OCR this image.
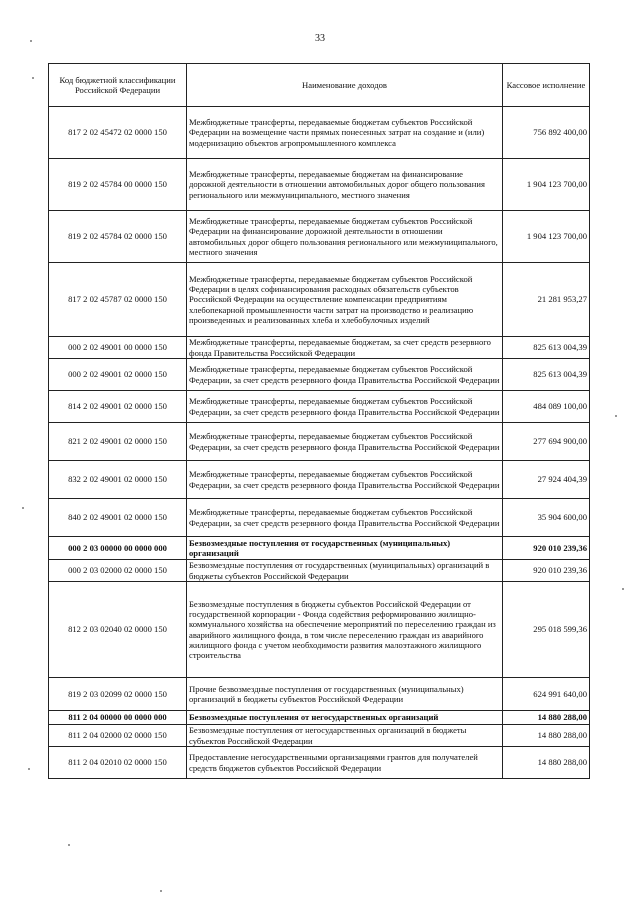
33
Код бюджетной классификации Российской Федерации	Наименование доходов	Кассовое исполнение
817 2 02 45472 02 0000 150	Межбюджетные трансферты, передаваемые бюджетам субъектов Российской Федерации на возмещение части прямых понесенных затрат на создание и (или) модернизацию объектов агропромышленного комплекса	756 892 400,00
819 2 02 45784 00 0000 150	Межбюджетные трансферты, передаваемые бюджетам на финансирование дорожной деятельности в отношении автомобильных дорог общего пользования регионального или межмуниципального, местного значения	1 904 123 700,00
819 2 02 45784 02 0000 150	Межбюджетные трансферты, передаваемые бюджетам субъектов Российской Федерации на финансирование дорожной деятельности в отношении автомобильных дорог общего пользования регионального или межмуниципального, местного значения	1 904 123 700,00
817 2 02 45787 02 0000 150	Межбюджетные трансферты, передаваемые бюджетам субъектов Российской Федерации в целях софинансирования расходных обязательств субъектов Российской Федерации на осуществление компенсации предприятиям хлебопекарной промышленности части затрат на производство и реализацию произведенных и реализованных хлеба и хлебобулочных изделий	21 281 953,27
000 2 02 49001 00 0000 150	Межбюджетные трансферты, передаваемые бюджетам, за счет средств резервного фонда Правительства Российской Федерации	825 613 004,39
000 2 02 49001 02 0000 150	Межбюджетные трансферты, передаваемые бюджетам субъектов Российской Федерации, за счет средств резервного фонда Правительства Российской Федерации	825 613 004,39
814 2 02 49001 02 0000 150	Межбюджетные трансферты, передаваемые бюджетам субъектов Российской Федерации, за счет средств резервного фонда Правительства Российской Федерации	484 089 100,00
821 2 02 49001 02 0000 150	Межбюджетные трансферты, передаваемые бюджетам субъектов Российской Федерации, за счет средств резервного фонда Правительства Российской Федерации	277 694 900,00
832 2 02 49001 02 0000 150	Межбюджетные трансферты, передаваемые бюджетам субъектов Российской Федерации, за счет средств резервного фонда Правительства Российской Федерации	27 924 404,39
840 2 02 49001 02 0000 150	Межбюджетные трансферты, передаваемые бюджетам субъектов Российской Федерации, за счет средств резервного фонда Правительства Российской Федерации	35 904 600,00
000 2 03 00000 00 0000 000	Безвозмездные поступления от государственных (муниципальных) организаций	920 010 239,36
000 2 03 02000 02 0000 150	Безвозмездные поступления от государственных (муниципальных) организаций в бюджеты субъектов Российской Федерации	920 010 239,36
812 2 03 02040 02 0000 150	Безвозмездные поступления в бюджеты субъектов Российской Федерации от государственной корпорации - Фонда содействия реформированию жилищно-коммунального хозяйства на обеспечение мероприятий по переселению граждан из аварийного жилищного фонда, в том числе переселению граждан из аварийного жилищного фонда с учетом необходимости развития малоэтажного жилищного строительства	295 018 599,36
819 2 03 02099 02 0000 150	Прочие безвозмездные поступления от государственных (муниципальных) организаций в бюджеты субъектов Российской Федерации	624 991 640,00
811 2 04 00000 00 0000 000	Безвозмездные поступления от негосударственных организаций	14 880 288,00
811 2 04 02000 02 0000 150	Безвозмездные поступления от негосударственных организаций в бюджеты субъектов Российской Федерации	14 880 288,00
811 2 04 02010 02 0000 150	Предоставление негосударственными организациями грантов для получателей средств бюджетов субъектов Российской Федерации	14 880 288,00
